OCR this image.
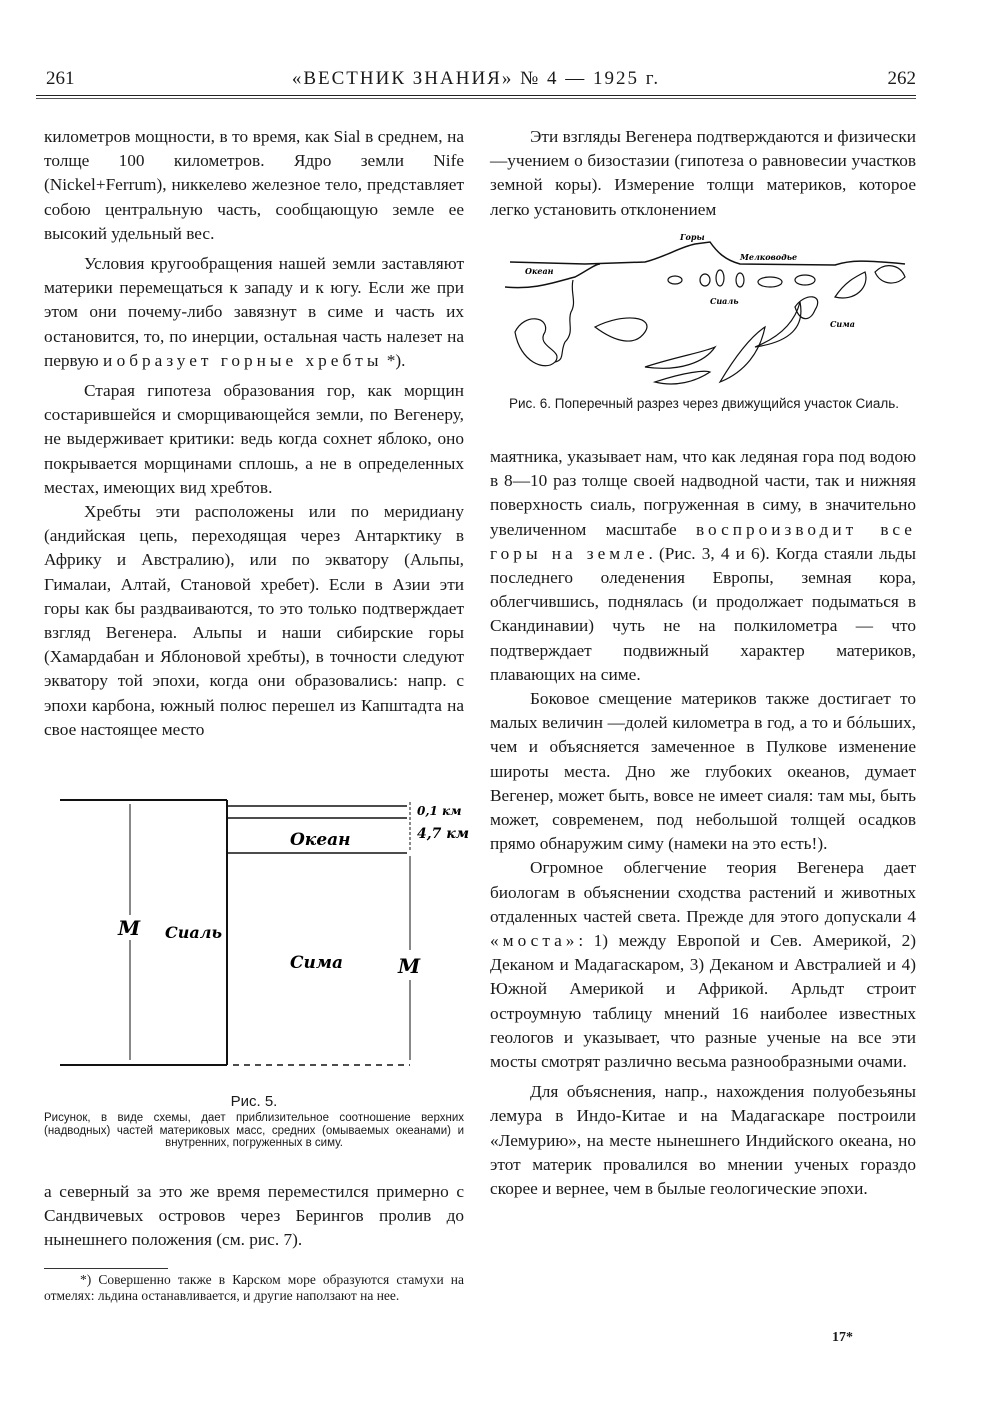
261	«ВЕСТНИК ЗНАНИЯ» № 4 — 1925 г.	262

километров мощности, в то время, как Sial в среднем, на толще 100 километров. Ядро земли Nife (Nickel+Ferrum), никкелево железное тело, представляет собою центральную часть, сообщающую земле ее высокий удельный вес.

Условия кругообращения нашей земли заставляют материки перемещаться к западу и к югу. Если же при этом они почему-либо завязнут в симе и часть их остановится, то, по инерции, остальная часть налезет на первую и образует горные хребты *).

Старая гипотеза образования гор, как морщин состарившейся и сморщивающейся земли, по Вегенеру, не выдерживает критики: ведь когда сохнет яблоко, оно покрывается морщинами сплошь, а не в определенных местах, имеющих вид хребтов.

Хребты эти расположены или по меридиану (андийская цепь, переходящая через Антарктику в Африку и Австралию), или по экватору (Альпы, Гималаи, Алтай, Становой хребет). Если в Азии эти горы как бы раздваиваются, то это только подтверждает взгляд Вегенера. Альпы и наши сибирские горы (Хамардабан и Яблоновой хребты), в точности следуют экватору той эпохи, когда они образовались: напр. с эпохи карбона, южный полюс перешел из Капштадта на свое настоящее место

M Сиаль
Океан
Сима	M
0,1 км
4,7 км
Рис. 5.
Рисунок, в виде схемы, дает приблизительное соотношение верхних (надводных) частей материковых масс, средних (омываемых океанами) и внутренних, погруженных в симу.

а северный за это же время переместился примерно с Сандвичевых островов через Берингов пролив до нынешнего положения (см. рис. 7).

*) Совершенно также в Карском море образуются стамухи на отмелях: льдина останавливается, и другие наползают на нее.

Эти взгляды Вегенера подтверждаются и физически—учением о бизостазии (гипотеза о равновесии участков земной коры). Измерение толщи материков, которое легко установить отклонением

Горы
Мелководье
Океан
Сиаль
Сима
Рис. 6. Поперечный разрез через движущийся участок Сиаль.

маятника, указывает нам, что как ледяная гора под водою в 8—10 раз толще своей надводной части, так и нижняя поверхность сиаль, погруженная в симу, в значительно увеличенном масштабе воспроизводит все горы на земле. (Рис. 3, 4 и 6). Когда стаяли льды последнего оледенения Европы, земная кора, облегчившись, поднялась (и продолжает подыматься в Скандинавии) чуть не на полкилометра — что подтверждает подвижный характер материков, плавающих на симе.

Боковое смещение материков также достигает то малых величин —долей километра в год, а то и бóльших, чем и объясняется замеченное в Пулкове изменение широты места. Дно же глубоких океанов, думает Вегенер, может быть, вовсе не имеет сиаля: там мы, быть может, современем, под небольшой толщей осадков прямо обнаружим симу (намеки на это есть!).

Огромное облегчение теория Вегенера дает биологам в объяснении сходства растений и животных отдаленных частей света. Прежде для этого допускали 4 «моста»: 1) между Европой и Сев. Америкой, 2) Деканом и Мадагаскаром, 3) Деканом и Австралией и 4) Южной Америкой и Африкой. Арльдт строит остроумную таблицу мнений 16 наиболее известных геологов и указывает, что разные ученые на все эти мосты смотрят различно весьма разнообразными очами.

Для объяснения, напр., нахождения полуобезьяны лемура в Индо-Китае и на Мадагаскаре построили «Лемурию», на месте нынешнего Индийского океана, но этот материк провалился во мнении ученых гораздо скорее и вернее, чем в былые геологические эпохи.

17*
